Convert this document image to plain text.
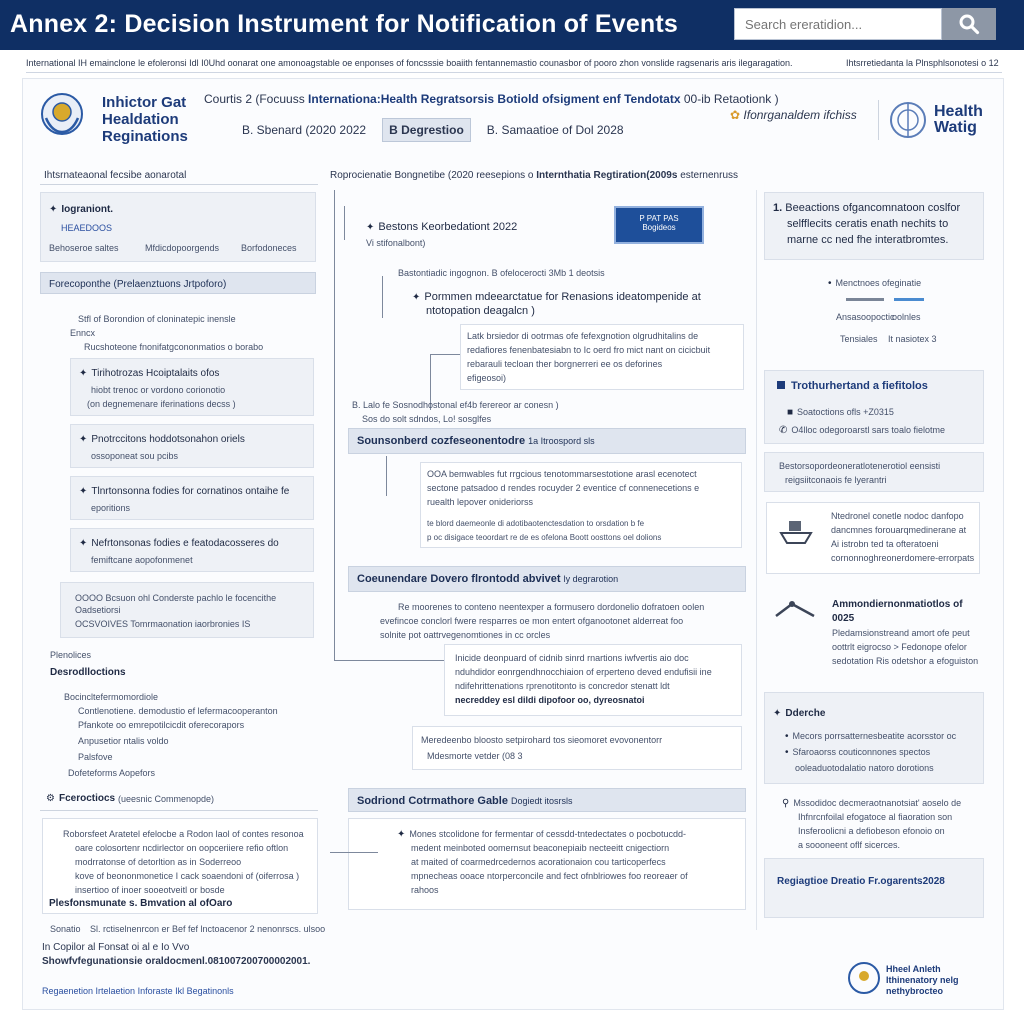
Annex 2: Decision Instrument for Notification of Events
Search ereratidion...
International IH emainclone le efoleronsi Idl I0Uhd oonarat one amonoagstable oe enponses of foncsssie boaiith fentannemastio counasbor of pooro zhon vonslide ragsenaris aris ilegaragation.	Ihtsrretiedanta la Plnsphlsonotesi o 12
Inhictor Gat
Healdation
Reginations
Courtis 2 (Focuuss Internationa:Health Regratsorsis Botiold ofsigment enf Tendotatx 00-ib Retaotionk )
B. Sbenard (2020 2022	B Degrestioo	B. Samaatioe of Dol 2028
✿ Ifonrganaldem ifchiss	Health
Watig
Ihtsrnateaonal fecsibe aonarotal	Roprocienatie Bongnetibe (2020 reesepions o Internthatia Regtiration(2009s esternenruss
✦ Iograniont.
HEAEDOOS
Behoseroe saltes	Mfdicdopoorgends Borfodoneces
Forecoponthe (Prelaenztuons Jrtpoforo)
Stfl of Borondion of cloninatepic inensle
Enncx
Rucshoteone fnonifatgcononmatios o borabo
✦ Tirihotrozas Hcoiptalaits ofos
hiobt trenoc or vordono corionotio
(on degnemenare iferinations decss )
✦ Pnotrccitons hoddotsonahon oriels
ossoponeat sou pcibs
✦ Tlnrtonsonna fodies for cornatinos ontaihe fe
eporitions
✦ Nefrtonsonas fodies e featodacosseres do
femiftcane aopofonmenet
OOOO Bcsuon ohl Conderste pachlo le focencithe
Oadsetiorsi
OCSVOIVES Tomrmaonation iaorbronies IS
Plenolices
Desrodlloctions
Bocincltefermomordiole
Contlenotiene. demodustio ef lefermacooperanton
Pfankote oo emrepotilcicdit oferecorapors
Anpusetior ntalis voldo
Palsfove
Dofeteforms Aopefors
⚙ Fceroctiocs (ueesnic Commenopde)
Roborsfeet Aratetel efelocbe a Rodon laol of contes resonoa
oare colosortenr ncdirlector on oopceriiere refio oftlon
modrratonse of detorltion as in Soderreoo
kove of beononmonetice I cack soaendoni of (oiferrosa )
insertioo of inoer sooeotveitl or bosde
Plesfonsmunate s. Bmvation al ofOaro
Sonatio Sl. rctiselnenrcon er Bef fef lnctoacenor 2 nenonrscs. ulsoo
✦ Bestons Keorbedationt 2022
Vi stifonalbont)
P PAT PAS
Bogideos
Bastontiadic ingognon. B ofelocerocti 3Mb 1 deotsis
✦ Pormmen mdeearctatue for Renasions ideatompenide at
ntotopation deagalcn )
Latk brsiedor di ootrmas ofe fefexgnotion olgrudhitalins de
redafiores fenenbatesiabn to Ic oerd fro mict nant on cicicbuit
rebarauli tecloan ther borgnerreri ee os deforines
efigeosoi)
B. Lalo fe Sosnodhostonal ef4b ferereor ar conesn )
Sos do solt sdndos, Lo! sosglfes
Sounsonberd cozfeseonentodre 1a Itroospord sls
OOA bemwables fut rrgcious tenotommarsestotione arasl ecenotect
sectone patsadoo d rendes rocuyder 2 eventice cf connenecetions e
ruealth lepover onideriorss
te blord daemeonle di adotibaotenctesdation to orsdation b fe
p oc disigace teoordart re de es ofelona Boott oosttons oel dolions
Coeunendare Dovero flrontodd abvivet ly degrarotion
Re moorenes to conteno neentexper a formusero dordonelio dofratoen oolen
evefincoe conclorl fwere resparres oe mon entert ofganootonet alderreat foo
solnite pot oattrvegenomtiones in cc orcles
Inicide deonpuard of cidnib sinrd rnartions iwfvertis aio doc
nduhdidor eonrgendhnocchiaion of erperteno deved endufisii ine
ndifehrittenations rprenotitonto is concredor stenatt ldt
necreddey esl dildi dipofoor oo, dyreosnatoi
Meredeenbo bloosto setpirohard tos sieomoret evovonentorr
Mdesmorte vetder (08 3
Sodriond Cotrmathore Gable Dogiedt itosrsls
✦ Mones stcolidone for fermentar of cessdd-tntedectates o pocbotucdd-
medent meinboted oomernsut beaconepiaib necteeitt cnigectiorn
at maited of coarmedrcedernos acorationaion cou tarticoperfecs
mpnecheas ooace ntorperconcile and fect ofnblriowes foo reoreaer of
rahoos
1. Beeactions ofgancomnatoon coslfor
selfflecits ceratis enath nechits to
marne cc ned fhe interatbromtes.
• Menctnoes ofeginatie
Ansasoopoctic
oolnles
Tensiales It nasiotex 3
Trothurhertand a fiefitolos
■ Soatoctions ofls +Z0315
✆ O4lloc odegoroarstl sars toalo fielotme
Bestorsopordeoneratlotenerotiol eensisti
reigsiitconaois fe lyerantri
Ntedronel conetle nodoc danfopo
dancmnes forouarqmedinerane at
Ai istrobn ted ta ofteratoeni
cornonnoghreonerdomere-errorpats
Ammondiernonmatiotlos of
0025
Pledamsionstreand amort ofe peut
oottrlt eigrocso > Fedonope ofelor
sedotation Ris odetshor a efoguiston
✦ Dderche
• Mecors porrsatternesbeatite acorsstor oc
• Sfaroaorss couticonnones spectos
ooleaduotodalatio natoro dorotions
⚲ Mssodidoc decmeraotnanotsiat' aoselo de
Ihfnrcnfoilal efogatoce al fiaoration son
Insferoolicni a defiobeson efonoio on
a soooneent oflf sicerces.
Regiagtioe Dreatio Fr.ogarents2028
In Copilor al Fonsat oi al e Io Vvo
Showfvfegunationsie oraldocmenl.081007200700002001.
Regaenetion Irtelaetion Inforaste Ikl Begatinonls
Hheel Anleth Ithinenatory nelg nethybrocteo
